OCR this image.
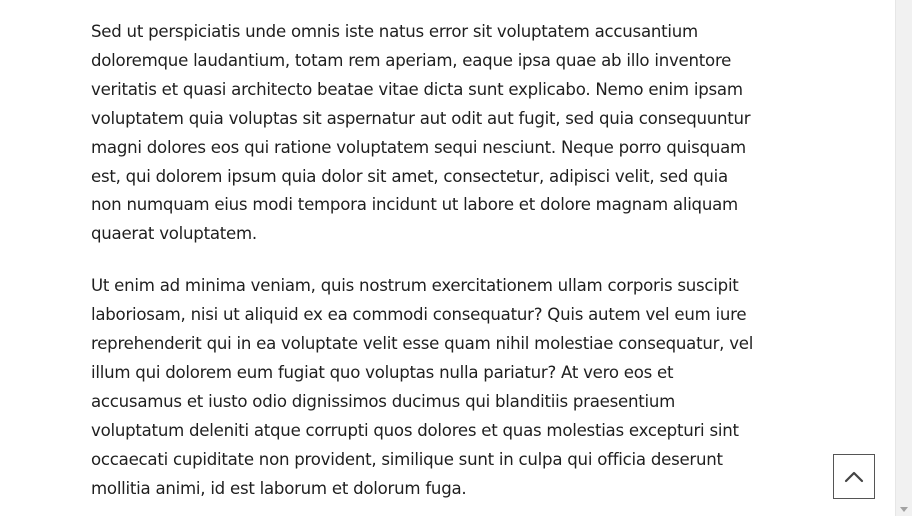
Sed ut perspiciatis unde omnis iste natus error sit voluptatem accusantium
doloremque laudantium, totam rem aperiam, eaque ipsa quae ab illo inventore
veritatis et quasi architecto beatae vitae dicta sunt explicabo. Nemo enim ipsam
voluptatem quia voluptas sit aspernatur aut odit aut fugit, sed quia consequuntur
magni dolores eos qui ratione voluptatem sequi nesciunt. Neque porro quisquam
est, qui dolorem ipsum quia dolor sit amet, consectetur, adipisci velit, sed quia
non numquam eius modi tempora incidunt ut labore et dolore magnam aliquam
quaerat voluptatem.

Ut enim ad minima veniam, quis nostrum exercitationem ullam corporis suscipit
laboriosam, nisi ut aliquid ex ea commodi consequatur? Quis autem vel eum iure
reprehenderit qui in ea voluptate velit esse quam nihil molestiae consequatur, vel
illum qui dolorem eum fugiat quo voluptas nulla pariatur? At vero eos et
accusamus et iusto odio dignissimos ducimus qui blanditiis praesentium
voluptatum deleniti atque corrupti quos dolores et quas molestias excepturi sint
occaecati cupiditate non provident, similique sunt in culpa qui officia deserunt
mollitia animi, id est laborum et dolorum fuga.
